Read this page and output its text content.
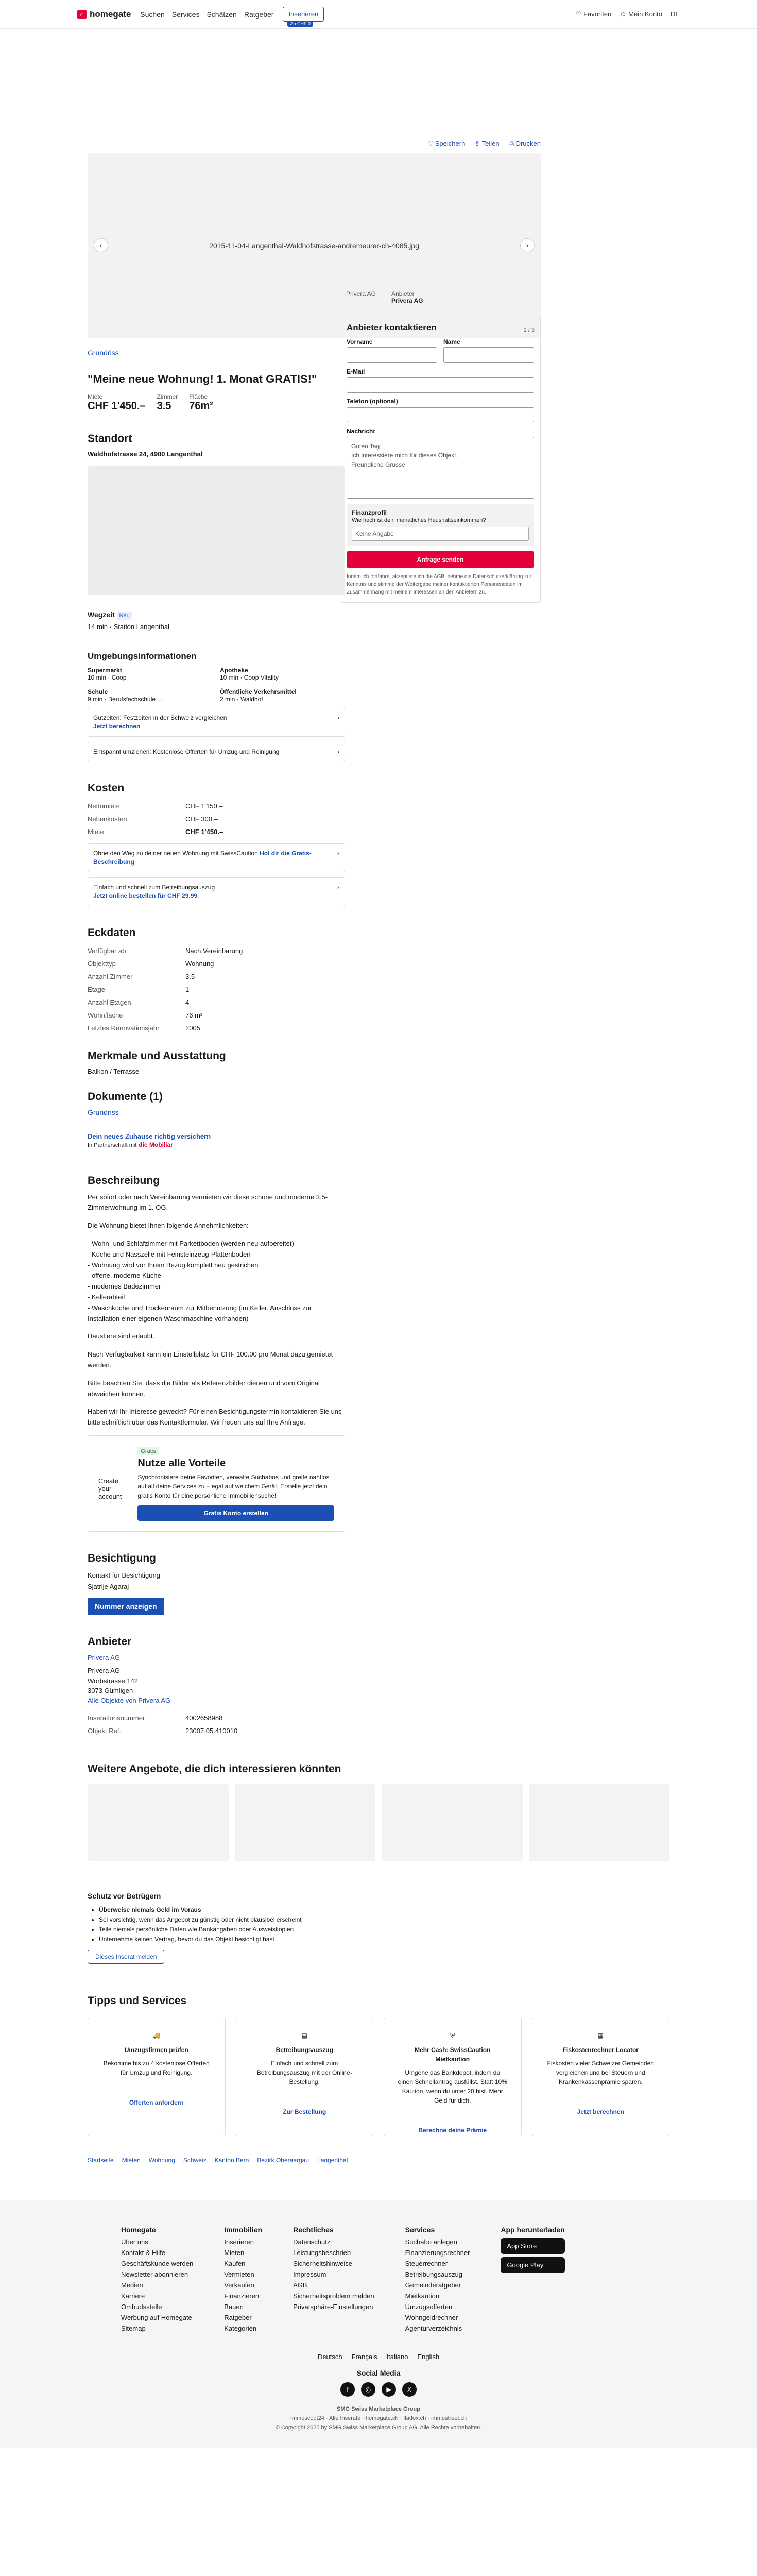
⌂ homegate Suchen Services Schätzen Ratgeber	Inserieren
Ab CHF 0
♡ Favoriten ☺ Mein Konto DE
♡ Speichern ⇪ Teilen ⎙ Drucken
‹	2015-11-04-Langenthal-Waldhofstrasse-andremeurer-ch-4085.jpg	›
1 / 3
Privera AG	Anbieter
Privera AG
Anbieter kontaktieren
Vorname	Name
E-Mail
Telefon (optional)
Nachricht
Guten Tag
Ich interessiere mich für dieses Objekt.
Freundliche Grüsse
Finanzprofil
Wie hoch ist dein monatliches Haushaltseinkommen?
Keine Angabe
Anfrage senden
Indem ich fortfahre, akzeptiere ich die AGB, nehme die Datenschutzerklärung zur Kenntnis und stimme der Weitergabe meiner kontaktierten Personendaten im Zusammenhang mit meinem Interessen an den Anbietern zu.
Grundriss
"Meine neue Wohnung! 1. Monat GRATIS!"
Miete
CHF 1'450.–
Zimmer
3.5
Fläche
76m²
Standort
Waldhofstrasse 24, 4900 Langenthal
Wegzeit Neu
14 min · Station Langenthal
Umgebungsinformationen
Supermarkt
10 min · Coop
Apotheke
10 min · Coop Vitality
Schule
9 min · Berufsfachschule ...
Öffentliche Verkehrsmittel
2 min · Waldhof
Gutzeiten: Festzeiten in der Schweiz vergleichen
Jetzt berechnen
›
Entspannt umziehen: Kostenlose Offerten für Umzug und Reinigung	›
Kosten
Nettomiete	CHF 1'150.–
Nebenkosten	CHF 300.–
Miete	CHF 1'450.–
Ohne den Weg zu deiner neuen Wohnung mit SwissCaution Hol dir die Gratis-Beschreibung
›
Einfach und schnell zum Betreibungsauszug
Jetzt online bestellen für CHF 29.99
›
Eckdaten
Verfügbar ab	Nach Vereinbarung
Objekttyp	Wohnung
Anzahl Zimmer	3.5
Etage	1
Anzahl Etagen	4
Wohnfläche	76 m²
Letztes Renovationsjahr	2005
Merkmale und Ausstattung
Balkon / Terrasse
Dokumente (1)
Grundriss
Dein neues Zuhause richtig versichern
In Partnerschaft mit die Mobiliar
Beschreibung

Per sofort oder nach Vereinbarung vermieten wir diese schöne und moderne 3.5-Zimmerwohnung im 1. OG.

Die Wohnung bietet Ihnen folgende Annehmlichkeiten:

- Wohn- und Schlafzimmer mit Parkettboden (werden neu aufbereitet)
- Küche und Nasszelle mit Feinsteinzeug-Plattenboden
- Wohnung wird vor Ihrem Bezug komplett neu gestrichen
- offene, moderne Küche
- modernes Badezimmer
- Kellerabteil
- Waschküche und Trockenraum zur Mitbenutzung (im Keller. Anschluss zur Installation einer eigenen Waschmaschine vorhanden)

Haustiere sind erlaubt.

Nach Verfügbarkeit kann ein Einstellplatz für CHF 100.00 pro Monat dazu gemietet werden.

Bitte beachten Sie, dass die Bilder als Referenzbilder dienen und vom Original abweichen können.

Haben wir Ihr Interesse geweckt? Für einen Besichtigungstermin kontaktieren Sie uns bitte schriftlich über das Kontaktformular. Wir freuen uns auf Ihre Anfrage.

Create your account
Gratis
Nutze alle Vorteile

Synchronisiere deine Favoriten, verwalte Suchabos und greife nahtlos auf all deine Services zu – egal auf welchem Gerät. Erstelle jetzt dein gratis Konto für eine persönliche Immobiliensuche!

Gratis Konto erstellen
Besichtigung
Kontakt für Besichtigung
Sjatrije Agaraj
Nummer anzeigen
Anbieter
Privera AG
Privera AG
Worbstrasse 142
3073 Gümligen
Alle Objekte von Privera AG
Inserationsnummer	4002658988
Objekt Ref.	23007.05.410010
Weitere Angebote, die dich interessieren könnten
Schutz vor Betrügern
• Überweise niemals Geld im Voraus
• Sei vorsichtig, wenn das Angebot zu günstig oder nicht plausibel erscheint
• Teile niemals persönliche Daten wie Bankangaben oder Ausweiskopien
• Unternehme keinen Vertrag, bevor du das Objekt besichtigt hast
Dieses Inserat melden
Tipps und Services
🚚
Umzugsfirmen prüfen

Bekomme bis zu 4 kostenlose Offerten für Umzug und Reinigung.

Offerten anfordern
▤
Betreibungsauszug

Einfach und schnell zum Betreibungsauszug mit der Online-Bestellung.

Zur Bestellung
⛨
Mehr Cash: SwissCaution Mietkaution

Umgehe das Bankdepot, indem du einen Schnellantrag ausfüllst. Statt 10% Kaution, wenn du unter 20 bist. Mehr Geld für dich.

Berechne deine Prämie
▦
Fiskostenrechner Locator

Fiskosten vieler Schweizer Gemeinden vergleichen und bei Steuern und Krankenkassenprämie sparen.

Jetzt berechnen
Startseite Mieten Wohnung Schweiz Kanton Bern Bezirk Oberaargau Langenthal
Homegate
Über uns
Kontakt & Hilfe
Geschäftskunde werden
Newsletter abonnieren
Medien
Karriere
Ombudsstelle
Werbung auf Homegate
Sitemap
Immobilien
Inserieren
Mieten
Kaufen
Vermieten
Verkaufen
Finanzieren
Bauen
Ratgeber
Kategorien
Rechtliches
Datenschutz
Leistungsbeschrieb
Sicherheitshinweise
Impressum
AGB
Sicherheitsproblem melden
Privatsphäre-Einstellungen
Services
Suchabo anlegen
Finanzierungsrechner
Steuerrechner
Betreibungsauszug
Gemeinderatgeber
Mietkaution
Umzugsofferten
Wohngeldrechner
Agenturverzeichnis
App herunterladen
App Store
Google Play
Deutsch Français Italiano English
Social Media
f	◎	▶	X
SMG Swiss Marketplace Group
Immoscout24 · Alle Inserate · homegate.ch · flatfox.ch · immostreet.ch
© Copyright 2025 by SMG Swiss Marketplace Group AG. Alle Rechte vorbehalten.
